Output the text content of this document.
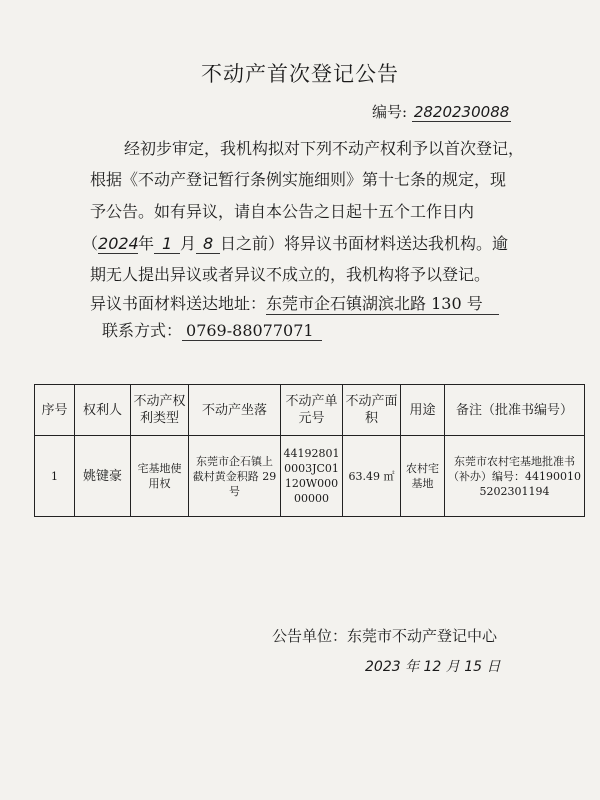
不动产首次登记公告
编号: 2820230088
经初步审定，我机构拟对下列不动产权利予以首次登记，
根据《不动产登记暂行条例实施细则》第十七条的规定，现
予公告。如有异议，请自本公告之日起十五个工作日内
（2024年 1 月 8 日之前）将异议书面材料送达我机构。逾
期无人提出异议或者异议不成立的，我机构将予以登记。
异议书面材料送达地址：东莞市企石镇湖滨北路 130 号
联系方式： 0769-88077071
序号	权利人	不动产权利类型	不动产坐落	不动产单元号	不动产面积	用途	备注（批准书编号）
1	姚键豪	宅基地使用权	东莞市企石镇上截村黄金积路 29 号	441928010003JC01120W00000000	63.49 ㎡	农村宅基地	东莞市农村宅基地批准书（补办）编号：441900105202301194
公告单位：东莞市不动产登记中心
2023 年 12 月 15 日
